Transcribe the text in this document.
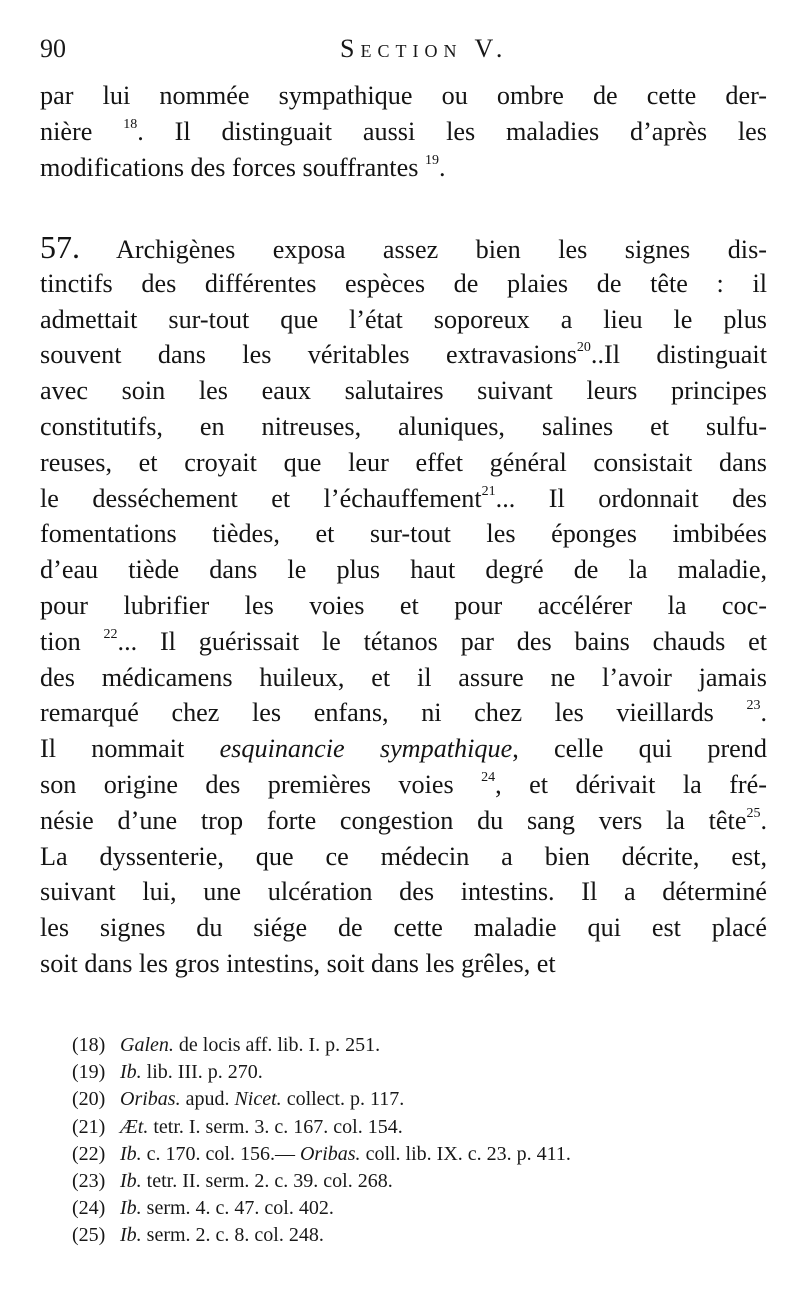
90	Section V.
par lui nommée sympathique ou ombre de cette der-
nière $^{18}$. Il distinguait aussi les maladies d’après les
modifications des forces souffrantes $^{19}$.
57. Archigènes exposa assez bien les signes dis-
tinctifs des différentes espèces de plaies de tête : il
admettait sur-tout que l’état soporeux a lieu le plus
souvent dans les véritables extravasions$^{20}$..Il distinguait
avec soin les eaux salutaires suivant leurs principes
constitutifs, en nitreuses, aluniques, salines et sulfu-
reuses, et croyait que leur effet général consistait dans
le desséchement et l’échauffement$^{21}$... Il ordonnait des
fomentations tièdes, et sur-tout les éponges imbibées
d’eau tiède dans le plus haut degré de la maladie,
pour lubrifier les voies et pour accélérer la coc-
tion $^{22}$... Il guérissait le tétanos par des bains chauds et
des médicamens huileux, et il assure ne l’avoir jamais
remarqué chez les enfans, ni chez les vieillards $^{23}$.
Il nommait esquinancie sympathique, celle qui prend
son origine des premières voies $^{24}$, et dérivait la fré-
nésie d’une trop forte congestion du sang vers la tête$^{25}$.
La dyssenterie, que ce médecin a bien décrite, est,
suivant lui, une ulcération des intestins. Il a déterminé
les signes du siége de cette maladie qui est placé
soit dans les gros intestins, soit dans les grêles, et
(18) Galen. de locis aff. lib. I. p. 251.
(19) Ib. lib. III. p. 270.
(20) Oribas. apud. Nicet. collect. p. 117.
(21) Æt. tetr. I. serm. 3. c. 167. col. 154.
(22) Ib. c. 170. col. 156.— Oribas. coll. lib. IX. c. 23. p. 411.
(23) Ib. tetr. II. serm. 2. c. 39. col. 268.
(24) Ib. serm. 4. c. 47. col. 402.
(25) Ib. serm. 2. c. 8. col. 248.
